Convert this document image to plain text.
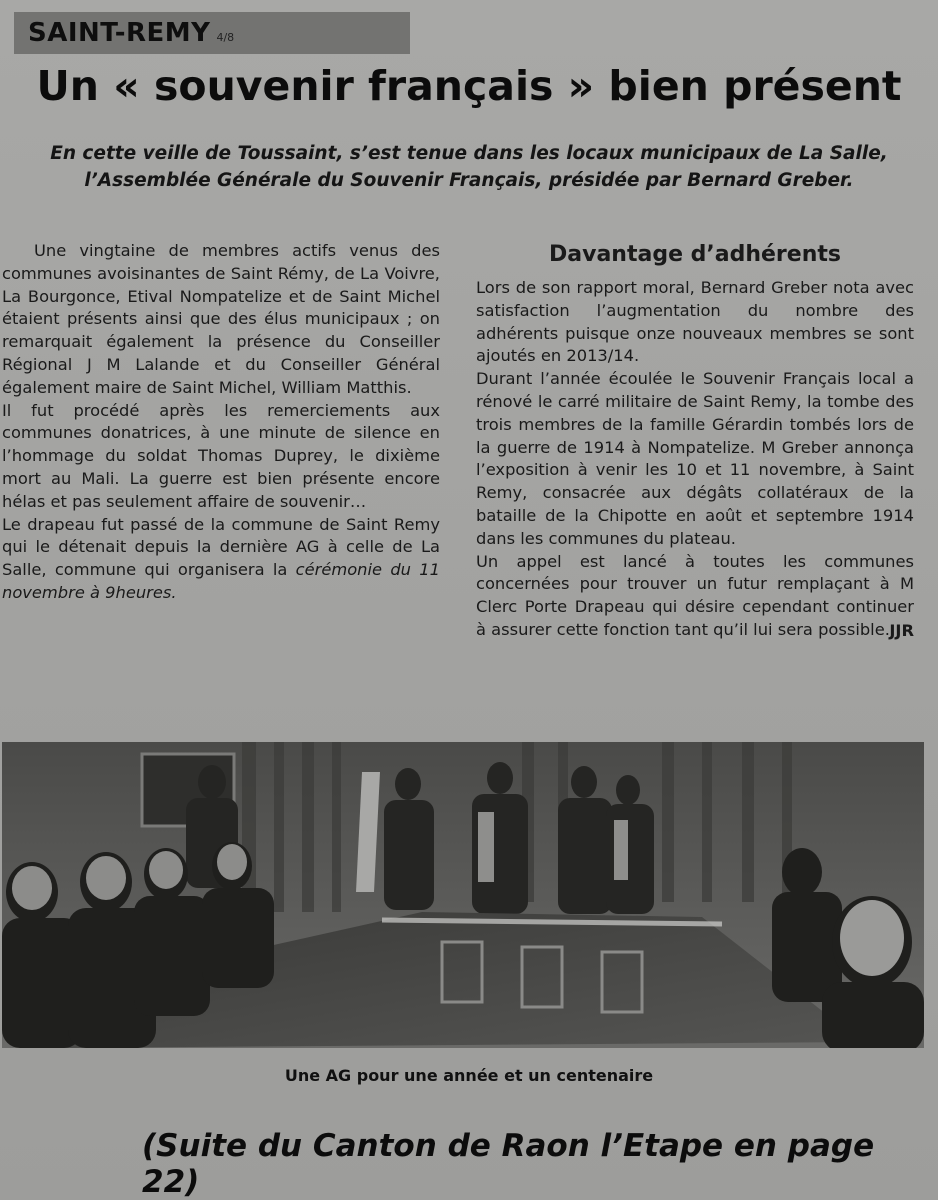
SAINT-REMY 4/8
Un « souvenir français » bien présent
En cette veille de Toussaint, s’est tenue dans les locaux municipaux de La Salle, l’Assemblée Générale du Souvenir Français, présidée par Bernard Greber.

Une vingtaine de membres actifs venus des communes avoisinantes de Saint Rémy, de La Voivre, La Bourgonce, Etival Nompatelize et de Saint Michel étaient présents ainsi que des élus municipaux ; on remarquait également la présence du Conseiller Régional J M Lalande et du Conseiller Général également maire de Saint Michel, William Matthis.

Il fut procédé après les remerciements aux communes donatrices, à une minute de silence en l’hommage du soldat Thomas Duprey, le dixième mort au Mali. La guerre est bien présente encore hélas et pas seulement affaire de souvenir…

Le drapeau fut passé de la commune de Saint Remy qui le détenait depuis la dernière AG à celle de La Salle, commune qui organisera la cérémonie du 11 novembre à 9heures.

Davantage d’adhérents

Lors de son rapport moral, Bernard Greber nota avec satisfaction l’augmentation du nombre des adhérents puisque onze nouveaux membres se sont ajoutés en 2013/14.

Durant l’année écoulée le Souvenir Français local a rénové le carré militaire de Saint Remy, la tombe des trois membres de la famille Gérardin tombés lors de la guerre de 1914 à Nompatelize. M Greber annonça l’exposition à venir les 10 et 11 novembre, à Saint Remy, consacrée aux dégâts collatéraux de la bataille de la Chipotte en août et septembre 1914 dans les communes du plateau.

Un appel est lancé à toutes les communes concernées pour trouver un futur remplaçant à M Clerc Porte Drapeau qui désire cependant continuer à assurer cette fonction tant qu’il lui sera possible. JJR
Une AG pour une année et un centenaire
(Suite du Canton de Raon l’Etape en page 22)
